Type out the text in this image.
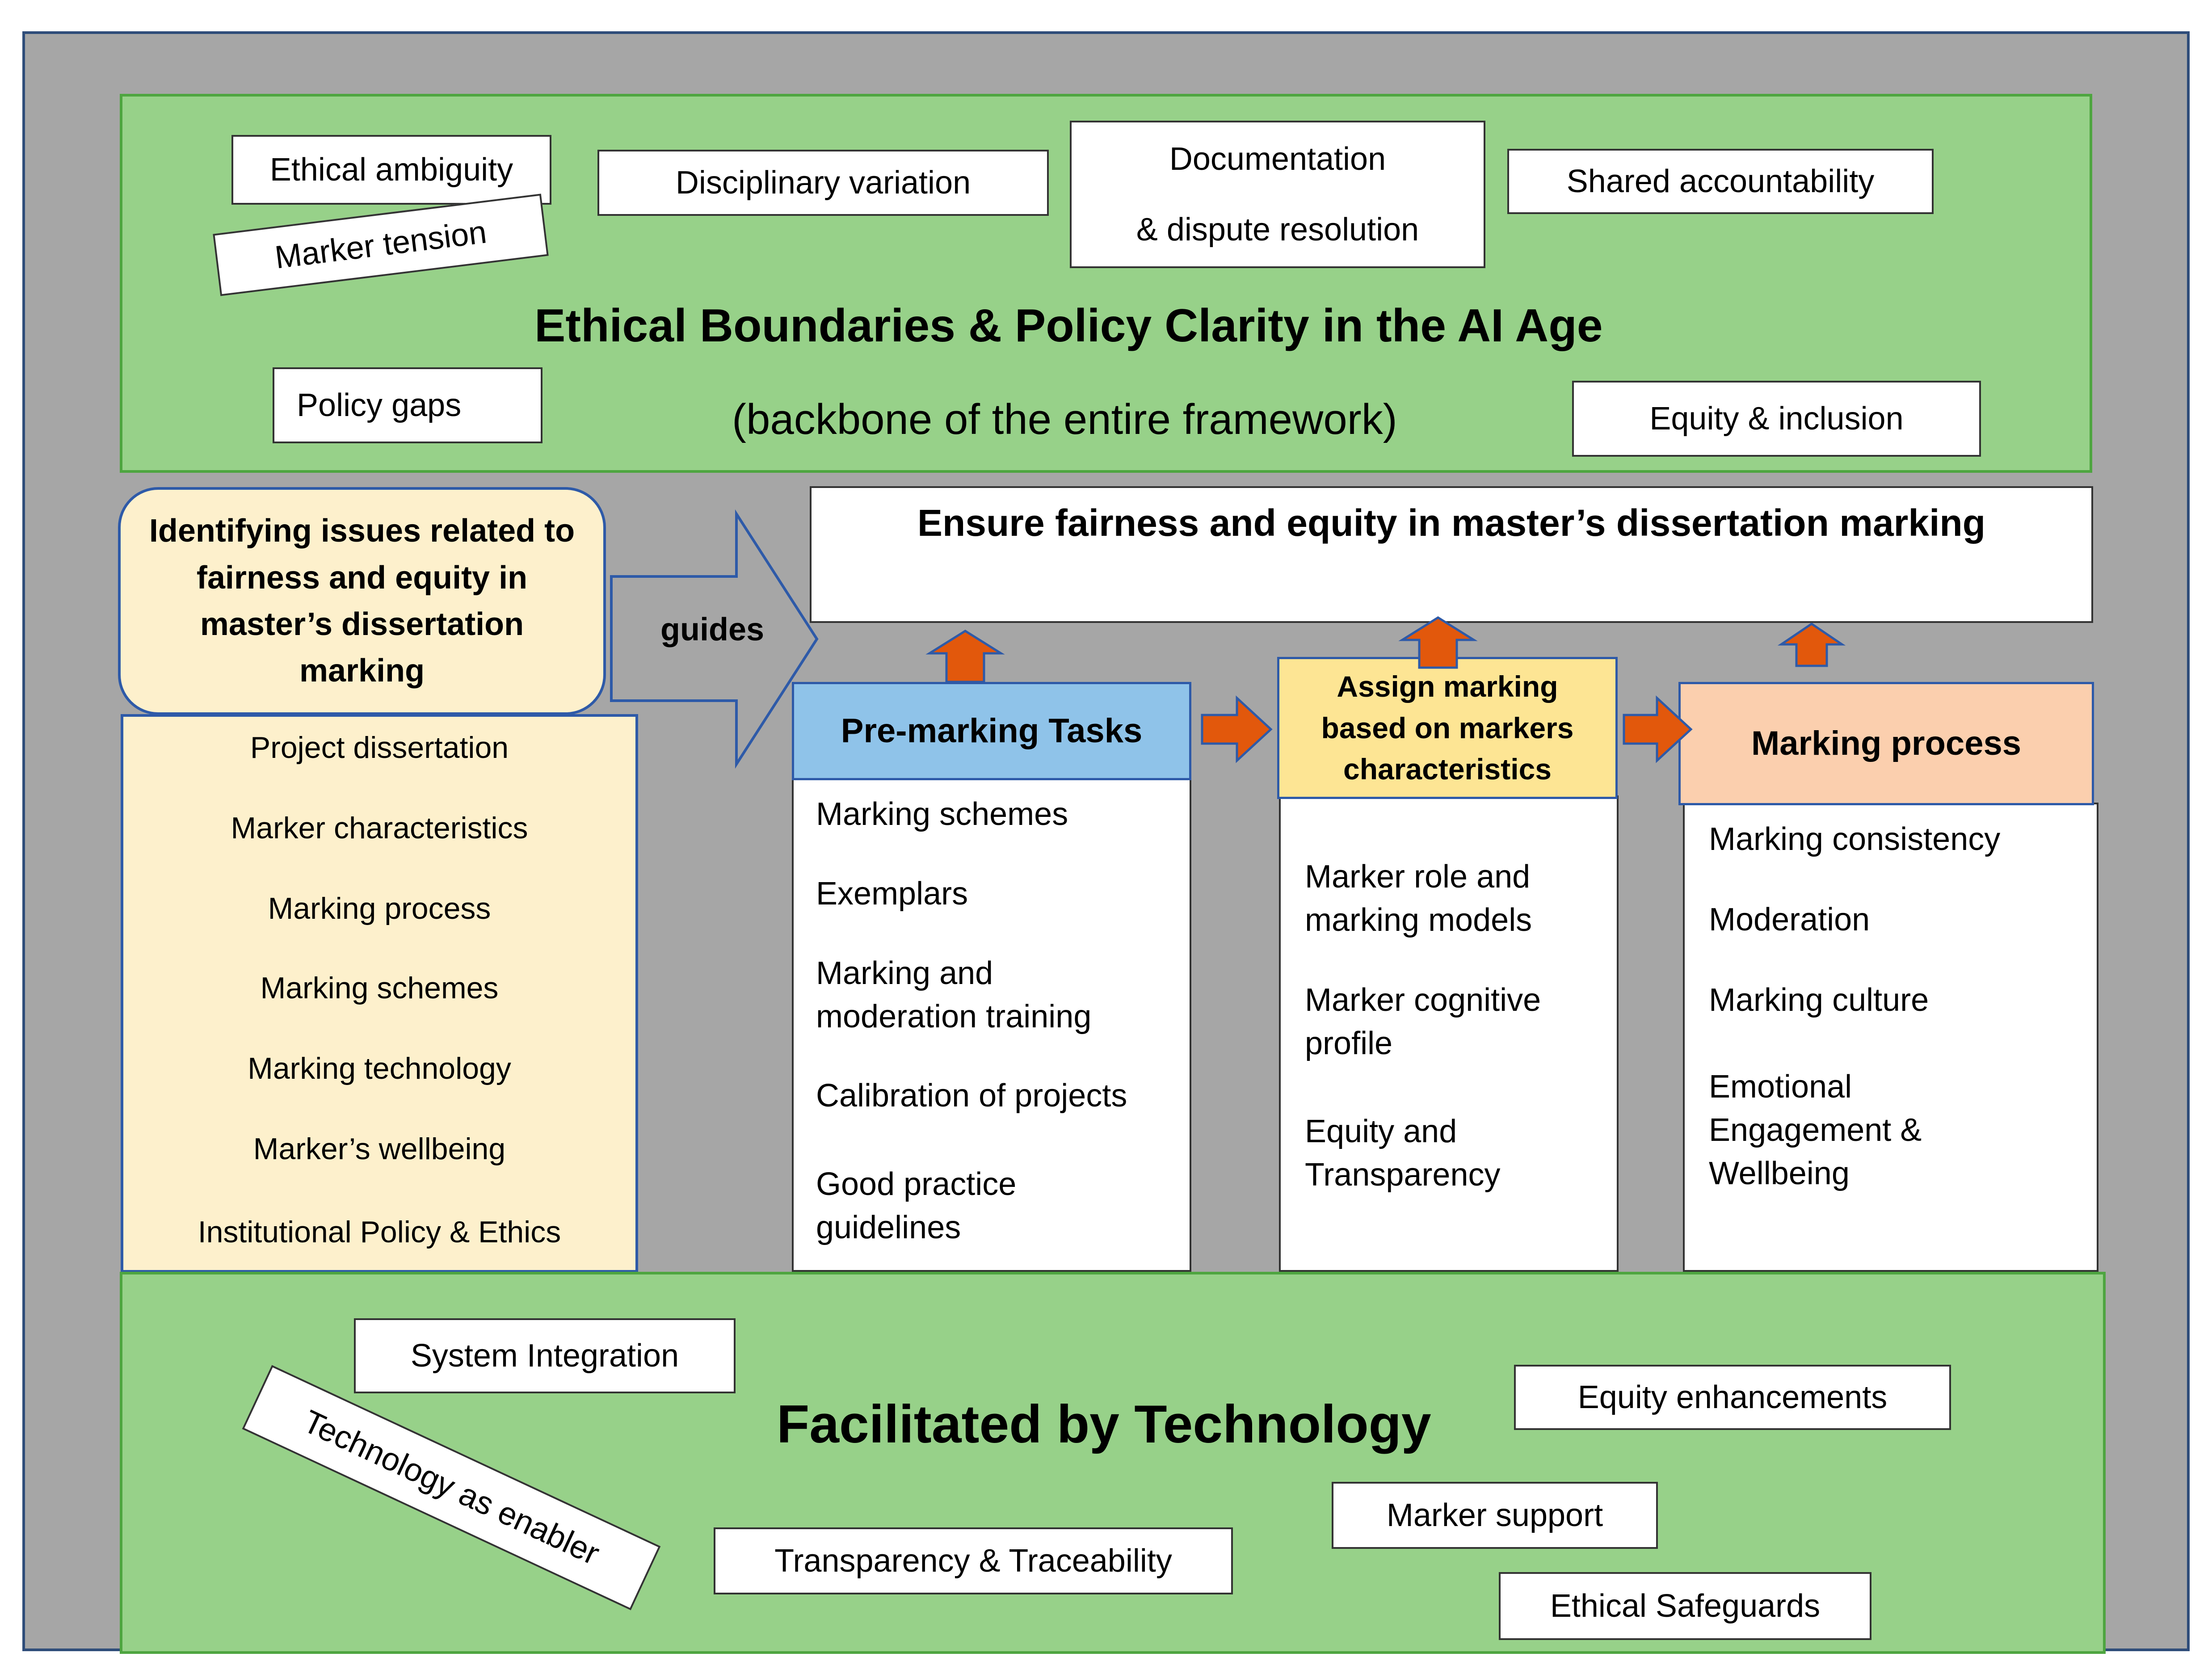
Ethical ambiguity
Marker tension
Disciplinary variation
Documentation
& dispute resolution
Shared accountability
Policy gaps	Equity & inclusion
Ethical Boundaries & Policy Clarity in the AI Age
(backbone of the entire framework)
Project dissertation
Marker characteristics
Marking process
Marking schemes
Marking technology
Marker’s wellbeing
Institutional Policy & Ethics
Identifying issues related to fairness and equity in master’s dissertation marking
guides
Ensure fairness and equity in master’s dissertation marking
Marking schemes
Exemplars
Marking and
moderation training
Calibration of projects
Good practice
guidelines
Pre-marking Tasks
Marker role and
marking models
Marker cognitive
profile
Equity and
Transparency
Assign marking based on markers characteristics
Marking consistency
Moderation
Marking culture
Emotional
Engagement &
Wellbeing
Marking process
System Integration
Technology as enabler	Transparency & Traceability
Equity enhancements
Marker support
Ethical Safeguards
Facilitated by Technology
